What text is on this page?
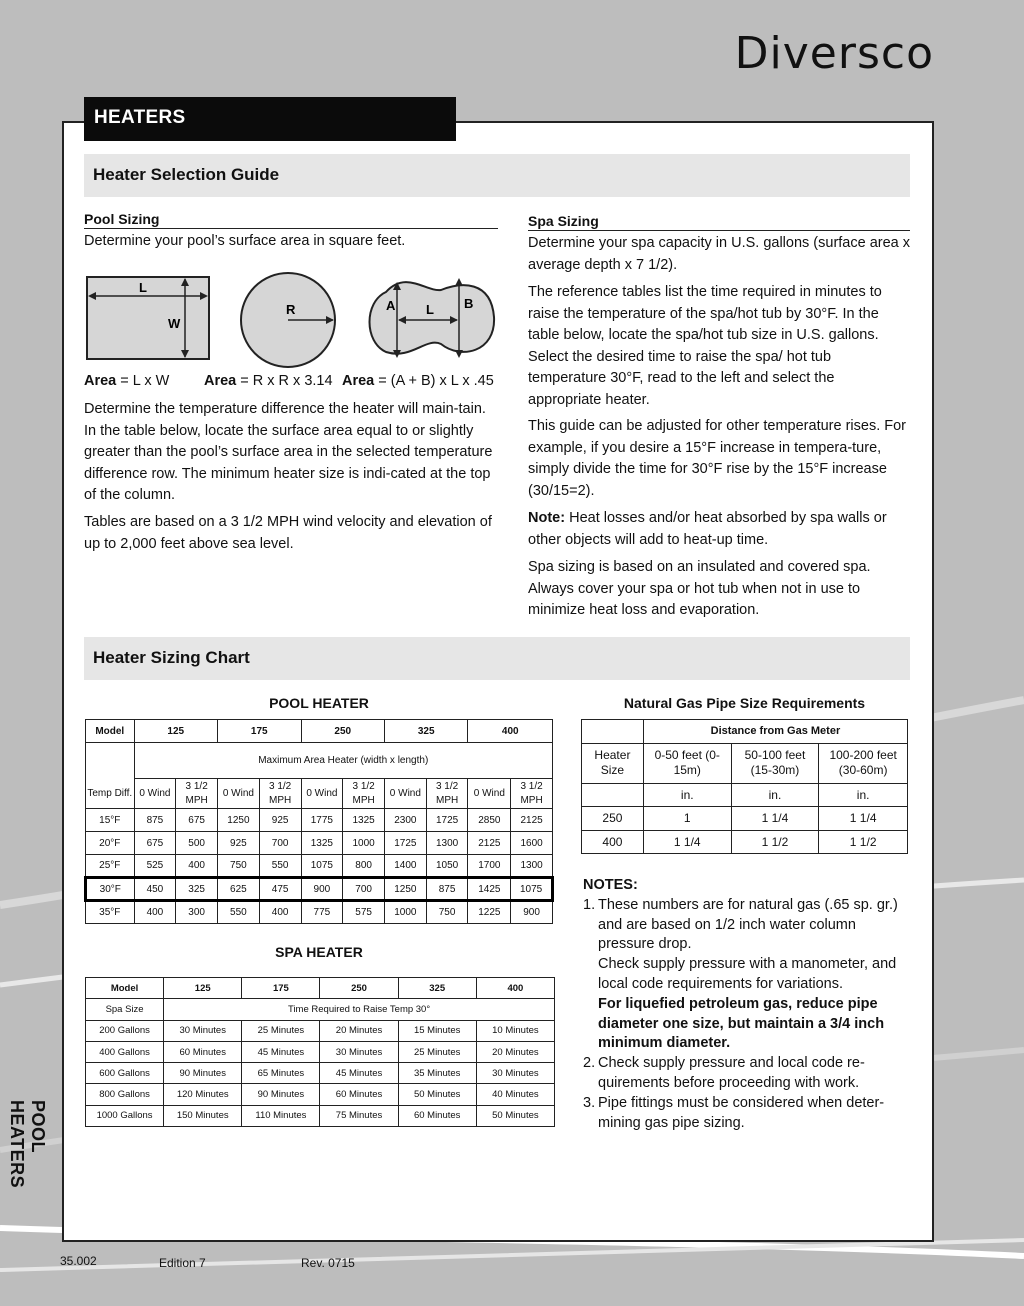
Diversco
HEATERS
Heater Selection Guide
Pool Sizing
Determine your pool’s surface area in square feet.
L
W
R	A L B
Area = L x W Area = R x R x 3.14 Area = (A + B) x L x .45
Determine the temperature difference the heater will main-tain. In the table below, locate the surface area equal to or slightly greater than the pool’s surface area in the selected temperature difference row. The minimum heater size is indi-cated at the top of the column.
Tables are based on a 3 1/2 MPH wind velocity and elevation of up to 2,000 feet above sea level.
Spa Sizing
Determine your spa capacity in U.S. gallons (surface area x average depth x 7 1/2).
The reference tables list the time required in minutes to raise the temperature of the spa/hot tub by 30°F. In the table below, locate the spa/hot tub size in U.S. gallons. Select the desired time to raise the spa/ hot tub temperature 30°F, read to the left and select the appropriate heater.
This guide can be adjusted for other temperature rises. For example, if you desire a 15°F increase in tempera-ture, simply divide the time for 30°F rise by the 15°F increase (30/15=2).
Note: Heat losses and/or heat absorbed by spa walls or other objects will add to heat-up time.
Spa sizing is based on an insulated and covered spa. Always cover your spa or hot tub when not in use to minimize heat loss and evaporation.
Heater Sizing Chart
POOL HEATER
Model	125		175		250		325		400	
Temp Diff.	Maximum Area Heater (width x length)									
	0 Wind	3 1/2 MPH	0 Wind	3 1/2 MPH	0 Wind	3 1/2 MPH	0 Wind	3 1/2 MPH	0 Wind	3 1/2 MPH
15°F	875	675	1250	925	1775	1325	2300	1725	2850	2125
20°F	675	500	925	700	1325	1000	1725	1300	2125	1600
25°F	525	400	750	550	1075	800	1400	1050	1700	1300
30°F	450	325	625	475	900	700	1250	875	1425	1075
35°F	400	300	550	400	775	575	1000	750	1225	900
SPA HEATER
Model	125	175	250	325	400
Spa Size	Time Required to Raise Temp 30°				
200 Gallons	30 Minutes	25 Minutes	20 Minutes	15 Minutes	10 Minutes
400 Gallons	60 Minutes	45 Minutes	30 Minutes	25 Minutes	20 Minutes
600 Gallons	90 Minutes	65 Minutes	45 Minutes	35 Minutes	30 Minutes
800 Gallons	120 Minutes	90 Minutes	60 Minutes	50 Minutes	40 Minutes
1000 Gallons	150 Minutes	110 Minutes	75 Minutes	60 Minutes	50 Minutes
Natural Gas Pipe Size Requirements
	Distance from Gas Meter		
Heater Size	0-50 feet (0-15m)	50-100 feet (15-30m)	100-200 feet (30-60m)
	in.	in.	in.
250	1	1 1/4	1 1/4
400	1 1/4	1 1/2	1 1/2
NOTES:
1. These numbers are for natural gas (.65 sp. gr.) and are based on 1/2 inch water column pressure drop.
Check supply pressure with a manometer, and local code requirements for variations.
For liquefied petroleum gas, reduce pipe diameter one size, but maintain a 3/4 inch minimum diameter.
2. Check supply pressure and local code re-quirements before proceeding with work.
3. Pipe fittings must be considered when deter-mining gas pipe sizing.
POOL HEATERS
35.002	Edition 7	Rev. 0715
